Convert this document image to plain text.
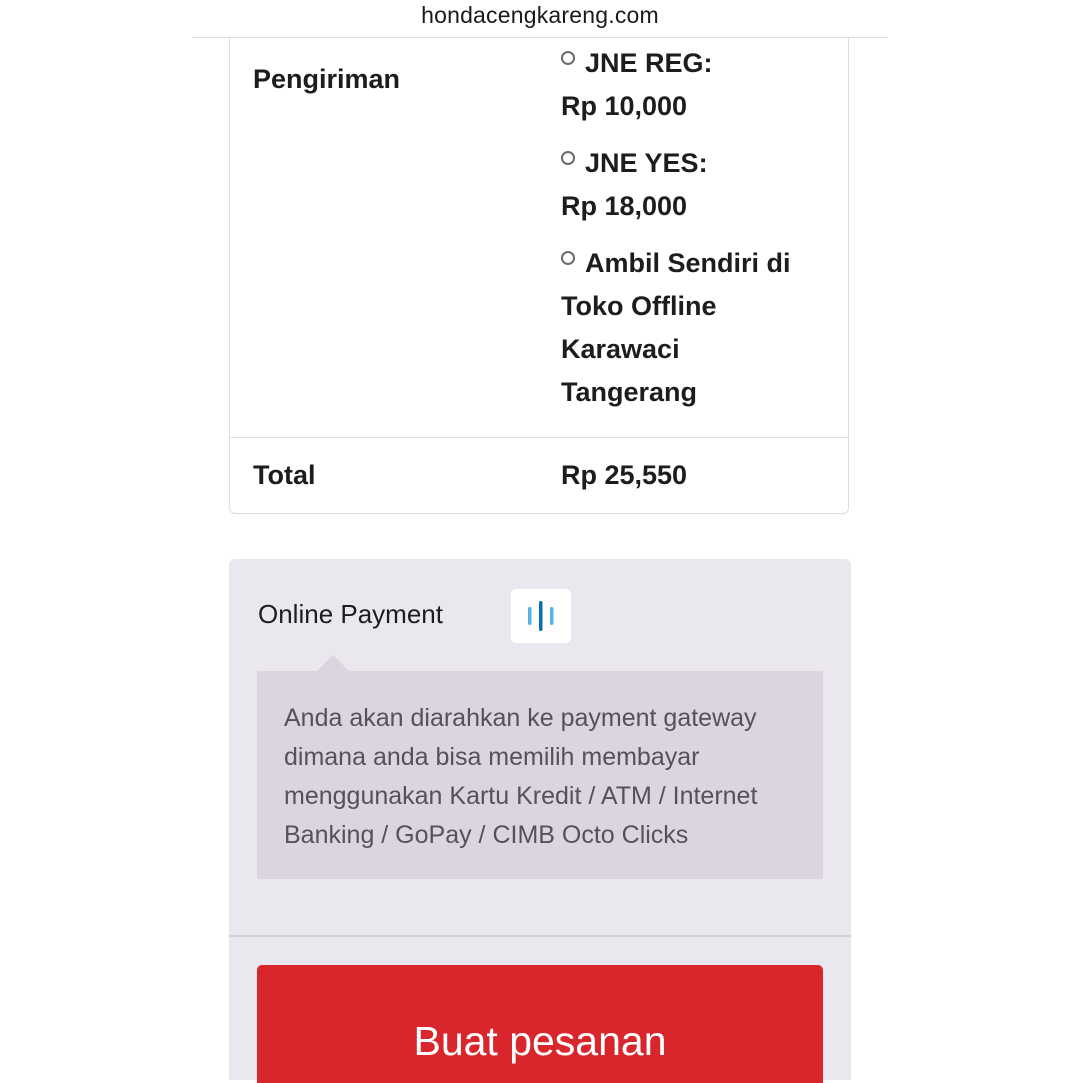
hondacengkareng.com
Pengiriman
JNE REG:
Rp 10,000
JNE YES:
Rp 18,000
Ambil Sendiri di
Toko Offline
Karawaci
Tangerang
Total	Rp 25,550
Online Payment
Anda akan diarahkan ke payment gateway dimana anda bisa memilih membayar menggunakan Kartu Kredit / ATM / Internet Banking / GoPay / CIMB Octo Clicks
Buat pesanan
